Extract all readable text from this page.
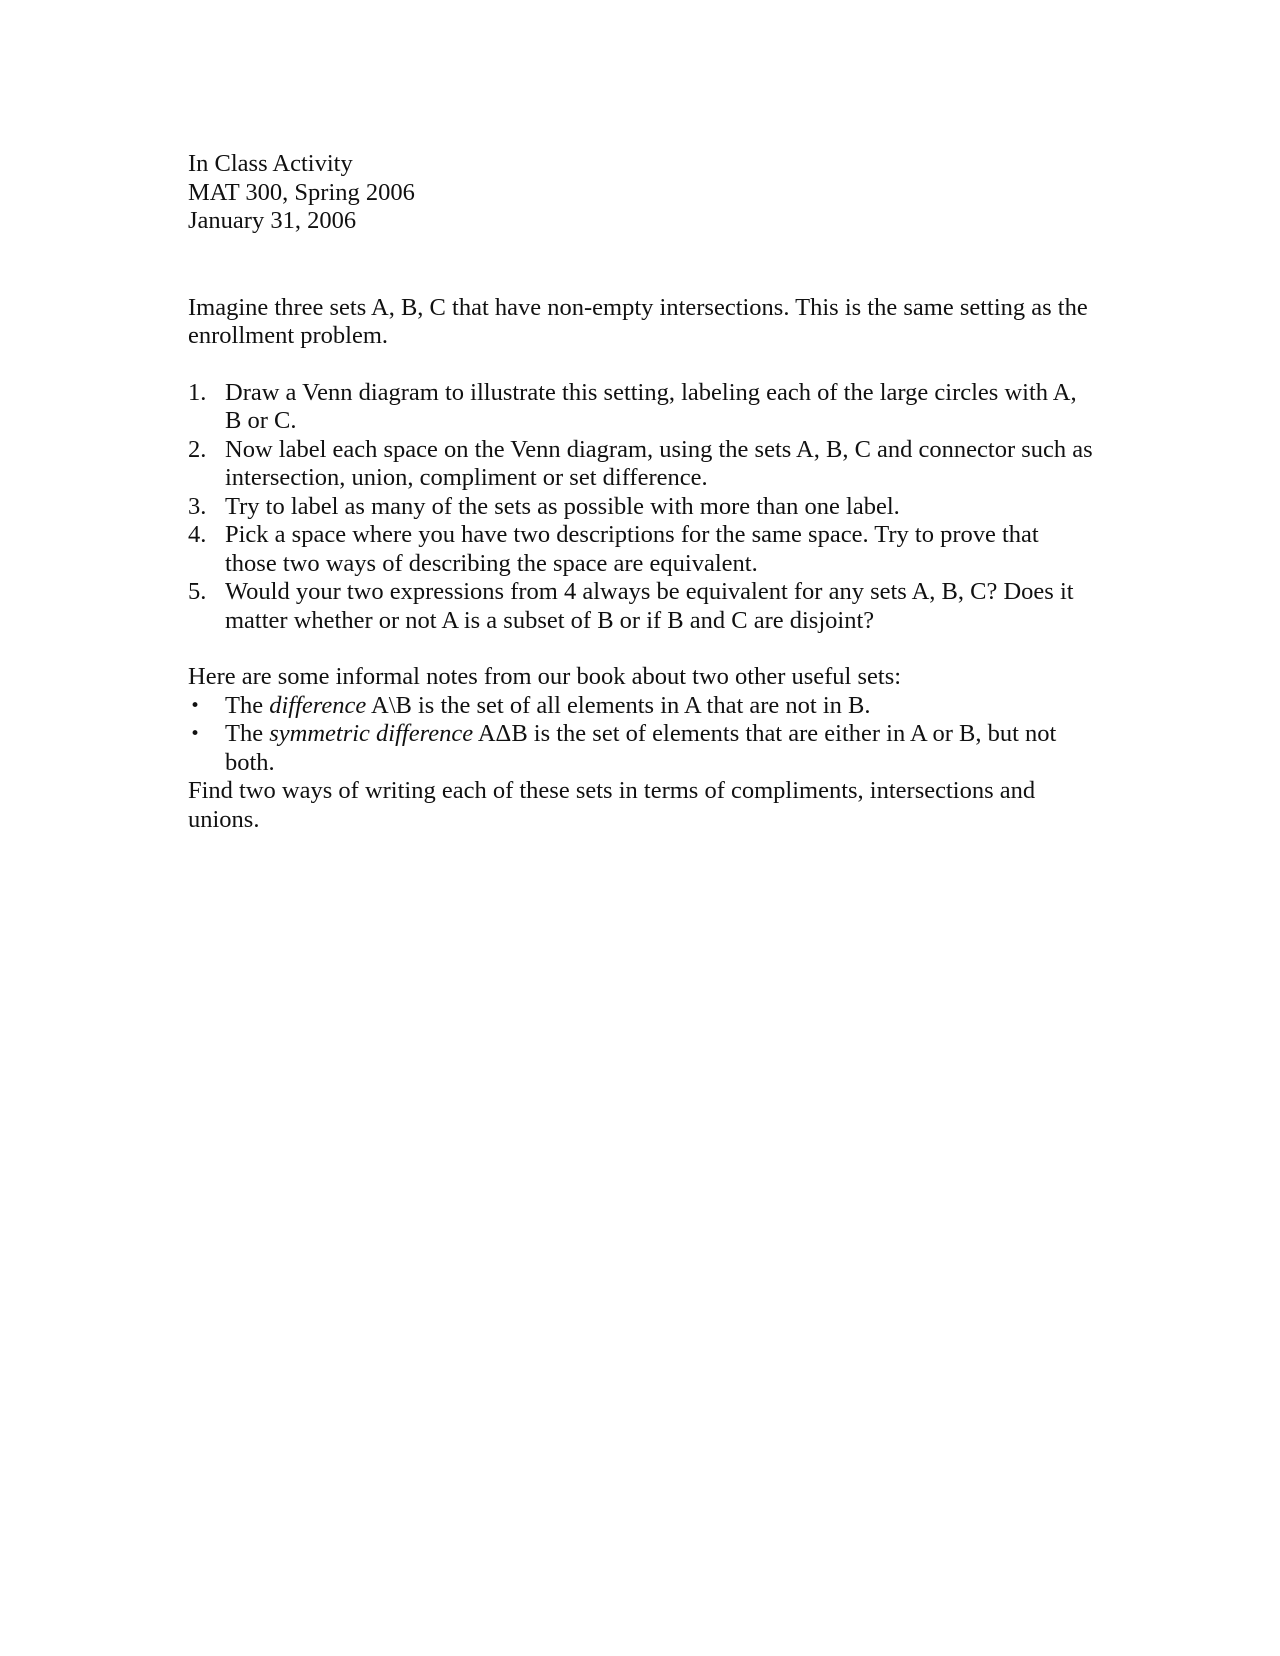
In Class Activity

MAT 300, Spring 2006

January 31, 2006

Imagine three sets A, B, C that have non-empty intersections. This is the same setting as the enrollment problem.

1. Draw a Venn diagram to illustrate this setting, labeling each of the large circles with A, B or C.
2. Now label each space on the Venn diagram, using the sets A, B, C and connector such as intersection, union, compliment or set difference.
3. Try to label as many of the sets as possible with more than one label.
4. Pick a space where you have two descriptions for the same space. Try to prove that those two ways of describing the space are equivalent.
5. Would your two expressions from 4 always be equivalent for any sets A, B, C? Does it matter whether or not A is a subset of B or if B and C are disjoint?

Here are some informal notes from our book about two other useful sets:

• The difference A\B is the set of all elements in A that are not in B.
• The symmetric difference AΔB is the set of elements that are either in A or B, but not both.

Find two ways of writing each of these sets in terms of compliments, intersections and unions.
